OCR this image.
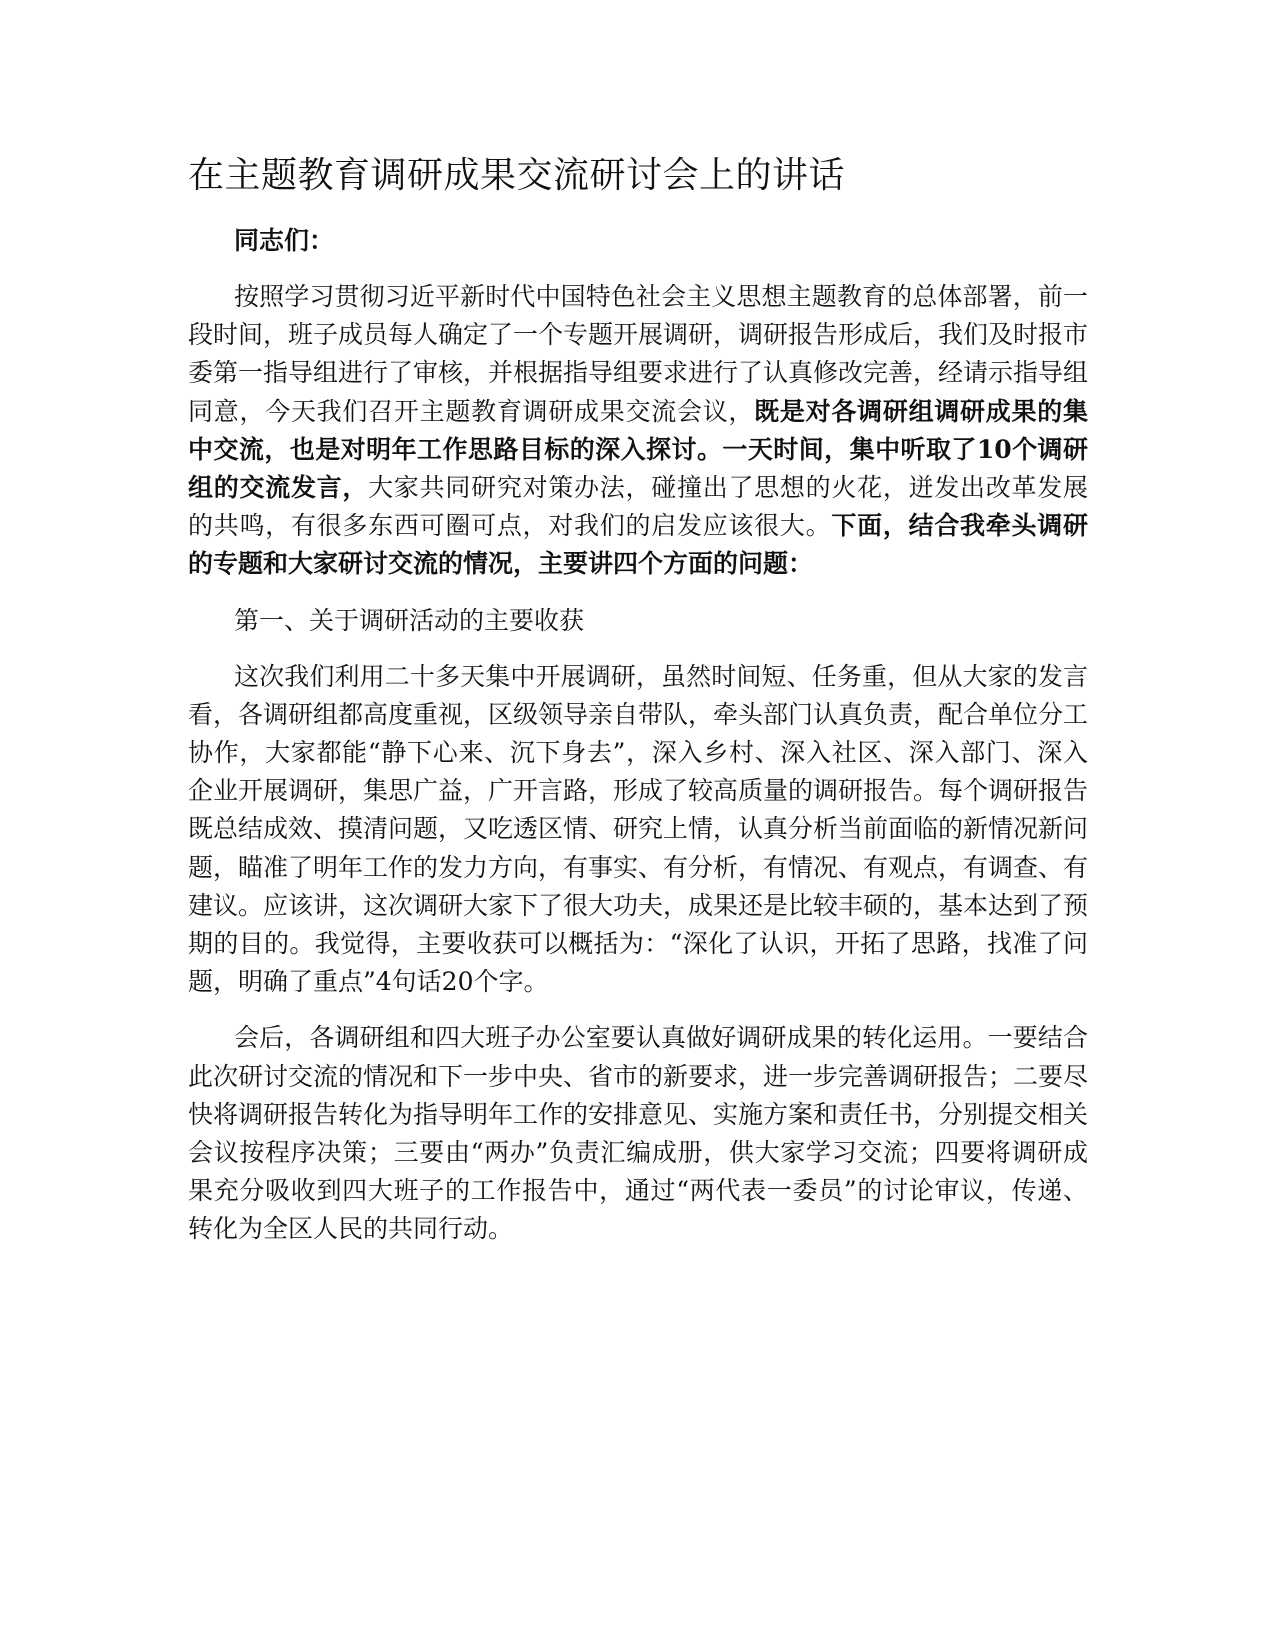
在主题教育调研成果交流研讨会上的讲话
同志们：

按照学习贯彻习近平新时代中国特色社会主义思想主题教育的总体部署，前一段时间，班子成员每人确定了一个专题开展调研，调研报告形成后，我们及时报市委第一指导组进行了审核，并根据指导组要求进行了认真修改完善，经请示指导组同意，今天我们召开主题教育调研成果交流会议，既是对各调研组调研成果的集中交流，也是对明年工作思路目标的深入探讨。一天时间，集中听取了10个调研组的交流发言，大家共同研究对策办法，碰撞出了思想的火花，迸发出改革发展的共鸣，有很多东西可圈可点，对我们的启发应该很大。下面，结合我牵头调研的专题和大家研讨交流的情况，主要讲四个方面的问题：

第一、关于调研活动的主要收获

这次我们利用二十多天集中开展调研，虽然时间短、任务重，但从大家的发言看，各调研组都高度重视，区级领导亲自带队，牵头部门认真负责，配合单位分工协作，大家都能“静下心来、沉下身去”，深入乡村、深入社区、深入部门、深入企业开展调研，集思广益，广开言路，形成了较高质量的调研报告。每个调研报告既总结成效、摸清问题，又吃透区情、研究上情，认真分析当前面临的新情况新问题，瞄准了明年工作的发力方向，有事实、有分析，有情况、有观点，有调查、有建议。应该讲，这次调研大家下了很大功夫，成果还是比较丰硕的，基本达到了预期的目的。我觉得，主要收获可以概括为：“深化了认识，开拓了思路，找准了问题，明确了重点”4句话20个字。

会后，各调研组和四大班子办公室要认真做好调研成果的转化运用。一要结合此次研讨交流的情况和下一步中央、省市的新要求，进一步完善调研报告；二要尽快将调研报告转化为指导明年工作的安排意见、实施方案和责任书，分别提交相关会议按程序决策；三要由“两办”负责汇编成册，供大家学习交流；四要将调研成果充分吸收到四大班子的工作报告中，通过“两代表一委员”的讨论审议，传递、转化为全区人民的共同行动。
